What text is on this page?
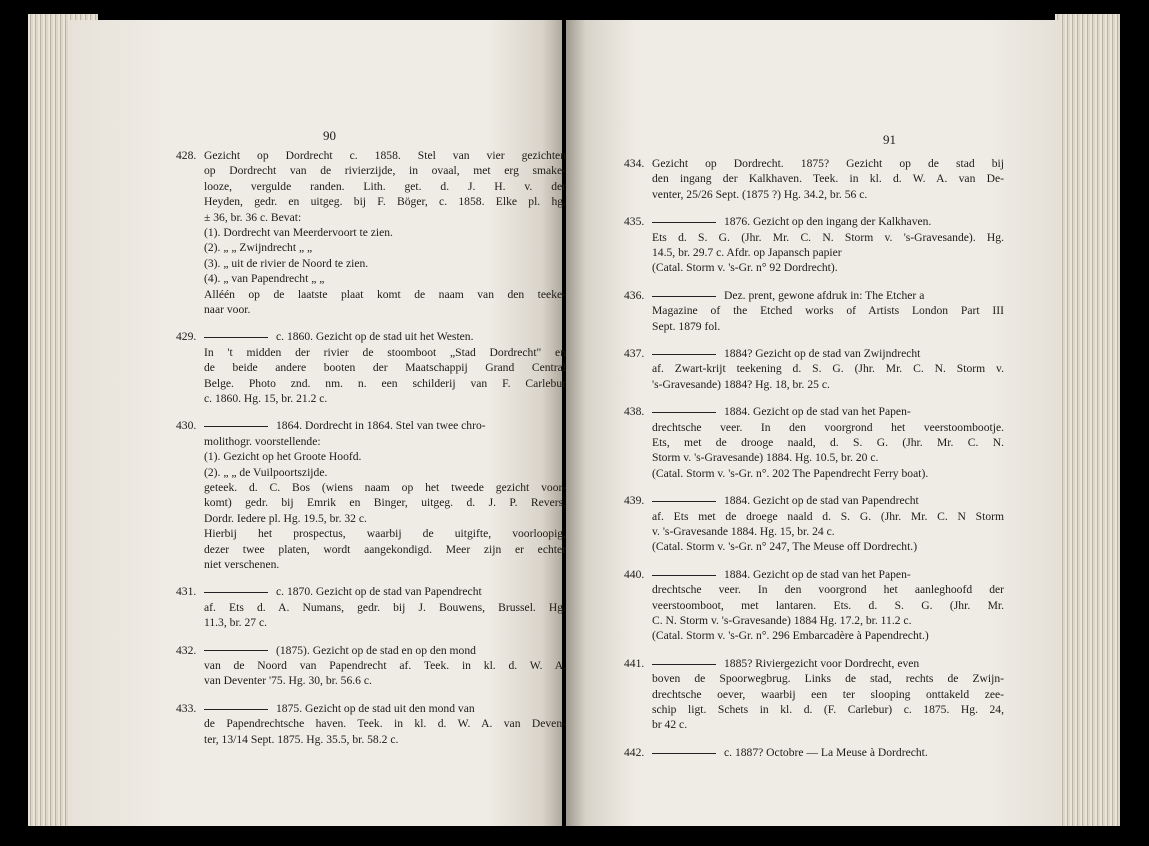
90	91
428. Gezicht op Dordrecht c. 1858. Stel van vier gezichten
op Dordrecht van de rivierzijde, in ovaal, met erg smake-
looze, vergulde randen. Lith. get. d. J. H. v. der
Heyden, gedr. en uitgeg. bij F. Böger, c. 1858. Elke pl. hg.
± 36, br. 36 c. Bevat:
(1). Dordrecht van Meerdervoort te zien.
(2). „ „ Zwijndrecht „ „
(3). „ uit de rivier de Noord te zien.
(4). „ van Papendrecht „ „
Alléén op de laatste plaat komt de naam van den teeke-
naar voor.
429.	c. 1860. Gezicht op de stad uit het Westen.
In 't midden der rivier de stoomboot „Stad Dordrecht" en
de beide andere booten der Maatschappij Grand Central
Belge. Photo znd. nm. n. een schilderij van F. Carlebur
c. 1860. Hg. 15, br. 21.2 c.
430.	1864. Dordrecht in 1864. Stel van twee chro-
molithogr. voorstellende:
(1). Gezicht op het Groote Hoofd.
(2). „ „ de Vuilpoortszijde.
geteek. d. C. Bos (wiens naam op het tweede gezicht voor-
komt) gedr. bij Emrik en Binger, uitgeg. d. J. P. Revers,
Dordr. Iedere pl. Hg. 19.5, br. 32 c.
Hierbij het prospectus, waarbij de uitgifte, voorloopig,
dezer twee platen, wordt aangekondigd. Meer zijn er echter
niet verschenen.
431.	c. 1870. Gezicht op de stad van Papendrecht
af. Ets d. A. Numans, gedr. bij J. Bouwens, Brussel. Hg.
11.3, br. 27 c.
432.	(1875). Gezicht op de stad en op den mond
van de Noord van Papendrecht af. Teek. in kl. d. W. A.
van Deventer '75. Hg. 30, br. 56.6 c.
433.	1875. Gezicht op de stad uit den mond van
de Papendrechtsche haven. Teek. in kl. d. W. A. van Deven-
ter, 13/14 Sept. 1875. Hg. 35.5, br. 58.2 c.
434. Gezicht op Dordrecht. 1875? Gezicht op de stad bij
den ingang der Kalkhaven. Teek. in kl. d. W. A. van De-
venter, 25/26 Sept. (1875 ?) Hg. 34.2, br. 56 c.
435.	1876. Gezicht op den ingang der Kalkhaven.
Ets d. S. G. (Jhr. Mr. C. N. Storm v. 's-Gravesande). Hg.
14.5, br. 29.7 c. Afdr. op Japansch papier
(Catal. Storm v. 's-Gr. n° 92 Dordrecht).
436.	Dez. prent, gewone afdruk in: The Etcher a
Magazine of the Etched works of Artists London Part III
Sept. 1879 fol.
437.	1884? Gezicht op de stad van Zwijndrecht
af. Zwart-krijt teekening d. S. G. (Jhr. Mr. C. N. Storm v.
's-Gravesande) 1884? Hg. 18, br. 25 c.
438.	1884. Gezicht op de stad van het Papen-
drechtsche veer. In den voorgrond het veerstoombootje.
Ets, met de drooge naald, d. S. G. (Jhr. Mr. C. N.
Storm v. 's-Gravesande) 1884. Hg. 10.5, br. 20 c.
(Catal. Storm v. 's-Gr. n°. 202 The Papendrecht Ferry boat).
439.	1884. Gezicht op de stad van Papendrecht
af. Ets met de droege naald d. S. G. (Jhr. Mr. C. N Storm
v. 's-Gravesande 1884. Hg. 15, br. 24 c.
(Catal. Storm v. 's-Gr. n° 247, The Meuse off Dordrecht.)
440.	1884. Gezicht op de stad van het Papen-
drechtsche veer. In den voorgrond het aanleghoofd der
veerstoomboot, met lantaren. Ets. d. S. G. (Jhr. Mr.
C. N. Storm v. 's-Gravesande) 1884 Hg. 17.2, br. 11.2 c.
(Catal. Storm v. 's-Gr. n°. 296 Embarcadère à Papendrecht.)
441.	1885? Riviergezicht voor Dordrecht, even
boven de Spoorwegbrug. Links de stad, rechts de Zwijn-
drechtsche oever, waarbij een ter slooping onttakeld zee-
schip ligt. Schets in kl. d. (F. Carlebur) c. 1875. Hg. 24,
br 42 c.
442.	c. 1887? Octobre — La Meuse à Dordrecht.
